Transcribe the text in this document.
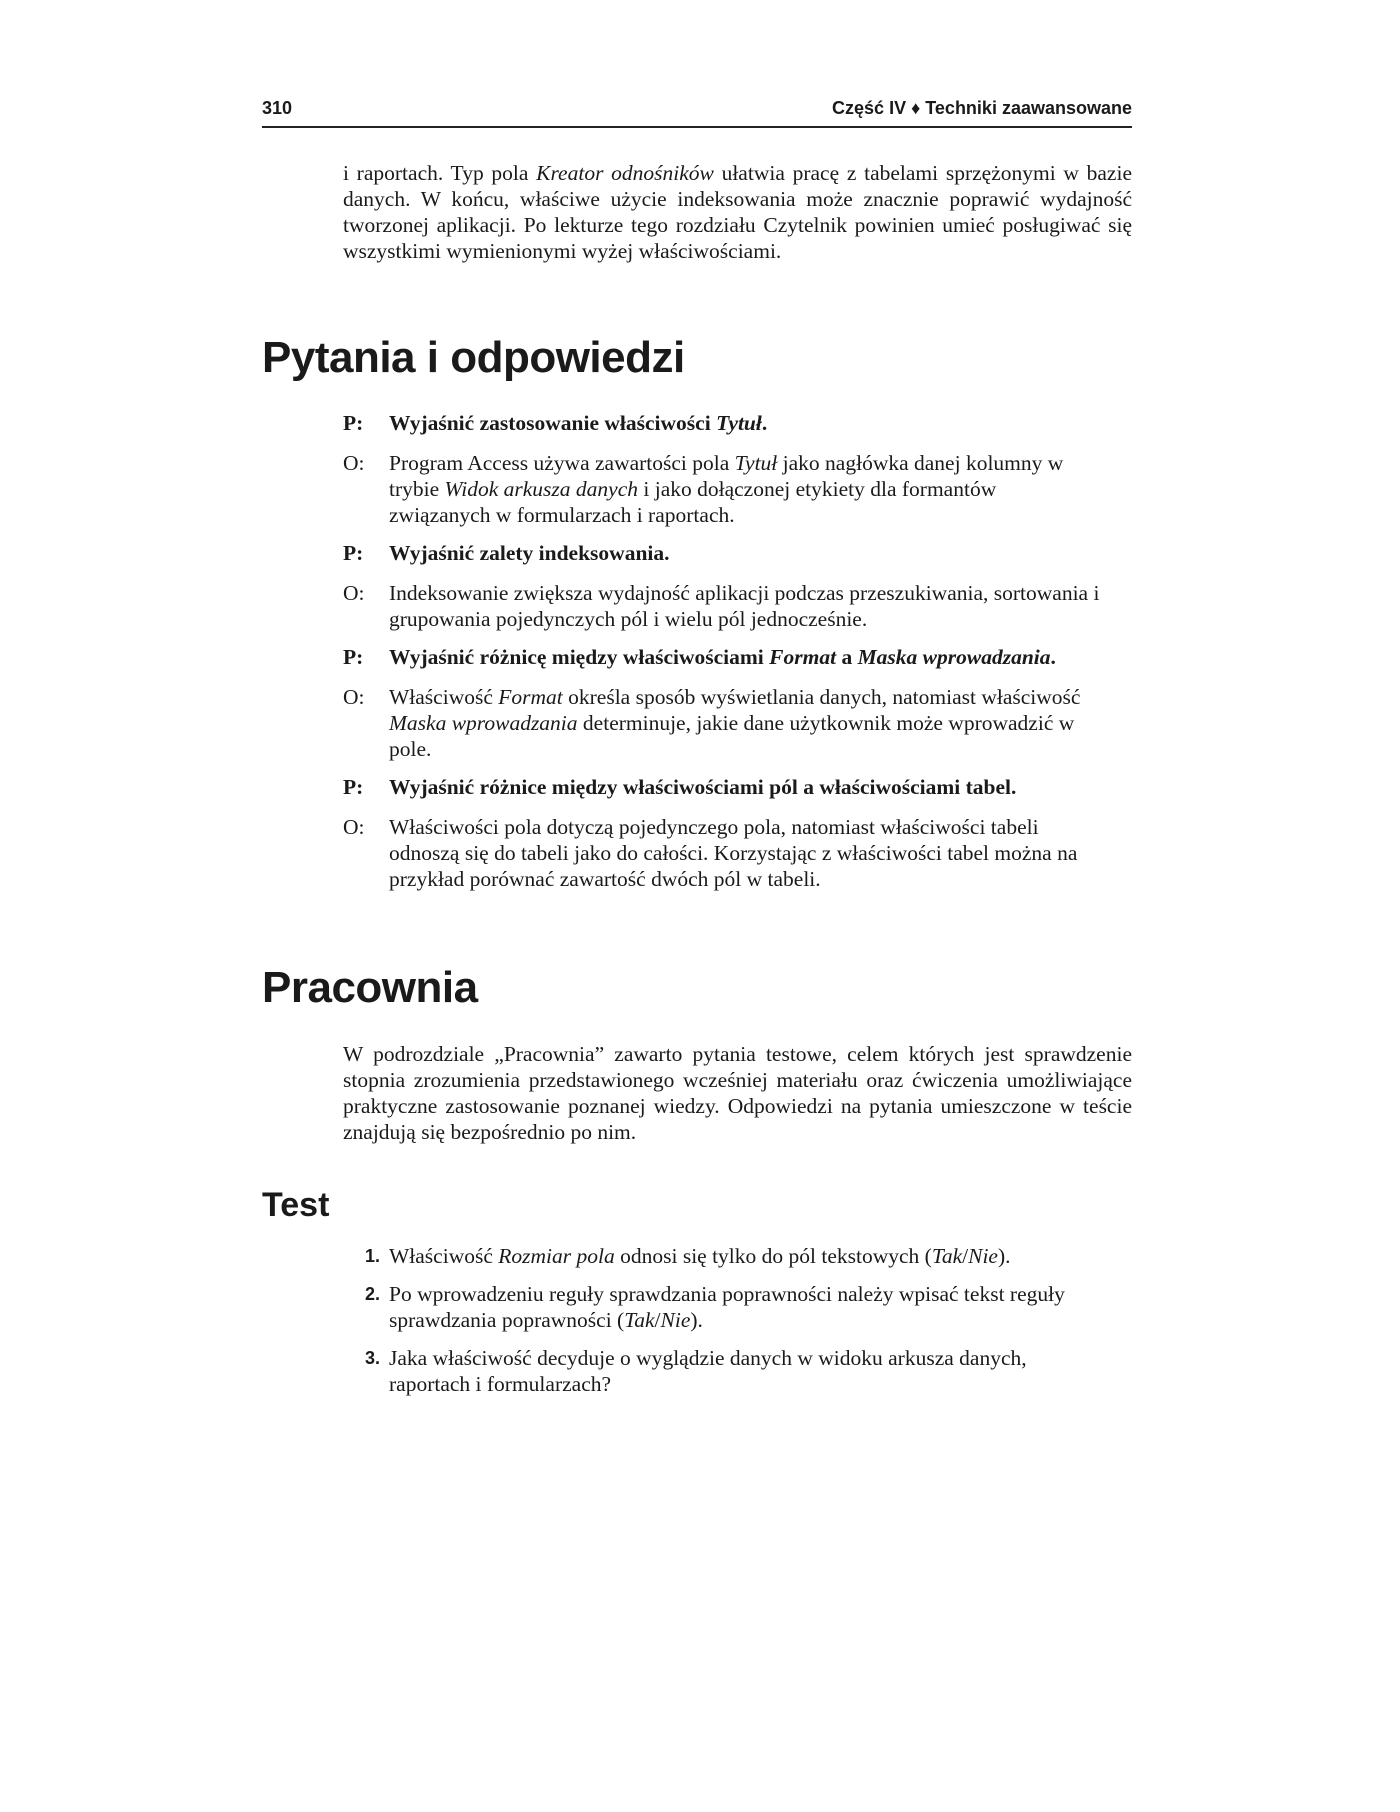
310	Część IV ♦ Techniki zaawansowane

i raportach. Typ pola Kreator odnośników ułatwia pracę z tabelami sprzężonymi w bazie danych. W końcu, właściwe użycie indeksowania może znacznie poprawić wydajność tworzonej aplikacji. Po lekturze tego rozdziału Czytelnik powinien umieć posługiwać się wszystkimi wymienionymi wyżej właściwościami.

Pytania i odpowiedzi
P: Wyjaśnić zastosowanie właściwości Tytuł.
O: Program Access używa zawartości pola Tytuł jako nagłówka danej kolumny w trybie Widok arkusza danych i jako dołączonej etykiety dla formantów związanych w formularzach i raportach.
P: Wyjaśnić zalety indeksowania.
O: Indeksowanie zwiększa wydajność aplikacji podczas przeszukiwania, sortowania i grupowania pojedynczych pól i wielu pól jednocześnie.
P: Wyjaśnić różnicę między właściwościami Format a Maska wprowadzania.
O: Właściwość Format określa sposób wyświetlania danych, natomiast właściwość Maska wprowadzania determinuje, jakie dane użytkownik może wprowadzić w pole.
P: Wyjaśnić różnice między właściwościami pól a właściwościami tabel.
O: Właściwości pola dotyczą pojedynczego pola, natomiast właściwości tabeli odnoszą się do tabeli jako do całości. Korzystając z właściwości tabel można na przykład porównać zawartość dwóch pól w tabeli.
Pracownia

W podrozdziale „Pracownia” zawarto pytania testowe, celem których jest sprawdzenie stopnia zrozumienia przedstawionego wcześniej materiału oraz ćwiczenia umożliwiające praktyczne zastosowanie poznanej wiedzy. Odpowiedzi na pytania umieszczone w teście znajdują się bezpośrednio po nim.

Test
1. Właściwość Rozmiar pola odnosi się tylko do pól tekstowych (Tak/Nie).
2. Po wprowadzeniu reguły sprawdzania poprawności należy wpisać tekst reguły sprawdzania poprawności (Tak/Nie).
3. Jaka właściwość decyduje o wyglądzie danych w widoku arkusza danych, raportach i formularzach?
